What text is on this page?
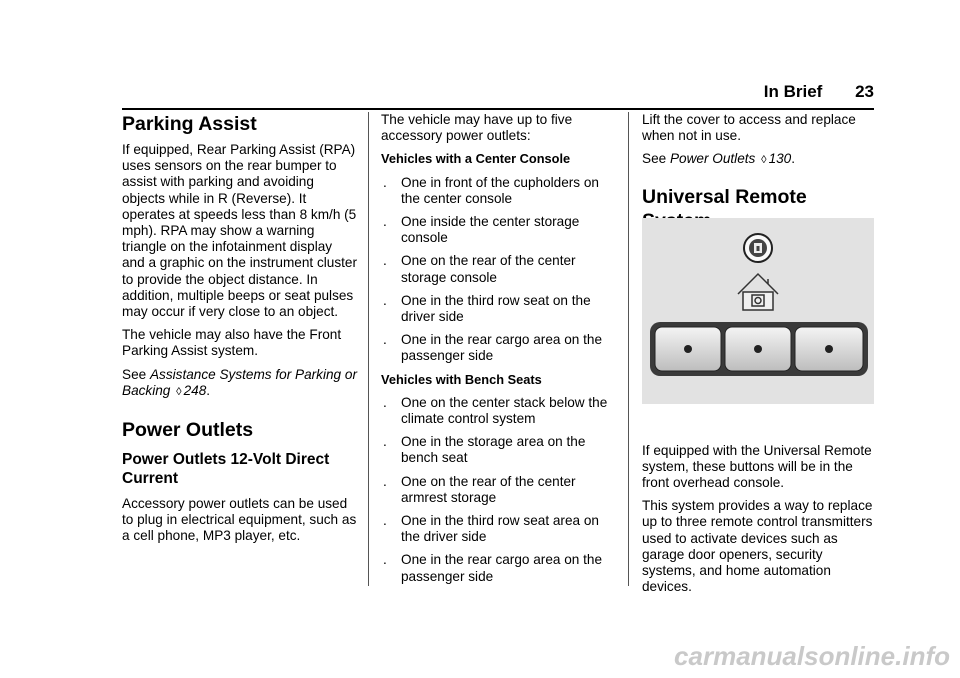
In Brief 23
Parking Assist

If equipped, Rear Parking Assist (RPA) uses sensors on the rear bumper to assist with parking and avoiding objects while in R (Reverse). It operates at speeds less than 8 km/h (5 mph). RPA may show a warning triangle on the infotainment display and a graphic on the instrument cluster to provide the object distance. In addition, multiple beeps or seat pulses may occur if very close to an object.

The vehicle may also have the Front Parking Assist system.

See Assistance Systems for Parking or Backing ◊ 248.

Power Outlets
Power Outlets 12-Volt Direct Current

Accessory power outlets can be used to plug in electrical equipment, such as a cell phone, MP3 player, etc.

The vehicle may have up to five accessory power outlets:

Vehicles with a Center Console

.	One in front of the cupholders on the center console
.	One inside the center storage console
.	One on the rear of the center storage console
.	One in the third row seat on the driver side
.	One in the rear cargo area on the passenger side

Vehicles with Bench Seats

.	One on the center stack below the climate control system
.	One in the storage area on the bench seat
.	One on the rear of the center armrest storage
.	One in the third row seat area on the driver side
.	One in the rear cargo area on the passenger side

Lift the cover to access and replace when not in use.

See Power Outlets ◊ 130.

Universal Remote

If equipped with the Universal Remote system, these buttons will be in the front overhead console.

This system provides a way to replace up to three remote control transmitters used to activate devices such as garage door openers, security systems, and home automation devices.

carmanualsonline.info
